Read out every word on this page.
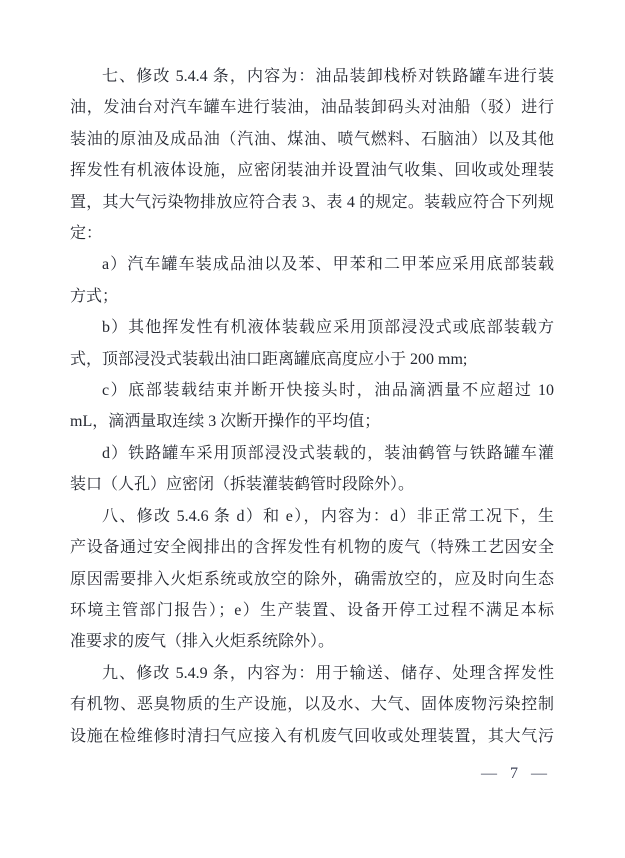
七、修改 5.4.4 条，内容为：油品装卸栈桥对铁路罐车进行装
油，发油台对汽车罐车进行装油，油品装卸码头对油船（驳）进行
装油的原油及成品油（汽油、煤油、喷气燃料、石脑油）以及其他
挥发性有机液体设施，应密闭装油并设置油气收集、回收或处理装
置，其大气污染物排放应符合表 3、表 4 的规定。装载应符合下列规
定：
a）汽车罐车装成品油以及苯、甲苯和二甲苯应采用底部装载
方式；
b）其他挥发性有机液体装载应采用顶部浸没式或底部装载方
式，顶部浸没式装载出油口距离罐底高度应小于 200 mm;
c）底部装载结束并断开快接头时，油品滴洒量不应超过 10
mL，滴洒量取连续 3 次断开操作的平均值；
d）铁路罐车采用顶部浸没式装载的，装油鹤管与铁路罐车灌
装口（人孔）应密闭（拆装灌装鹤管时段除外）。
八、修改 5.4.6 条 d）和 e），内容为：d）非正常工况下，生
产设备通过安全阀排出的含挥发性有机物的废气（特殊工艺因安全
原因需要排入火炬系统或放空的除外，确需放空的，应及时向生态
环境主管部门报告）；e）生产装置、设备开停工过程不满足本标
准要求的废气（排入火炬系统除外）。
九、修改 5.4.9 条，内容为：用于输送、储存、处理含挥发性
有机物、恶臭物质的生产设施，以及水、大气、固体废物污染控制
设施在检维修时清扫气应接入有机废气回收或处理装置，其大气污
— 7 —
